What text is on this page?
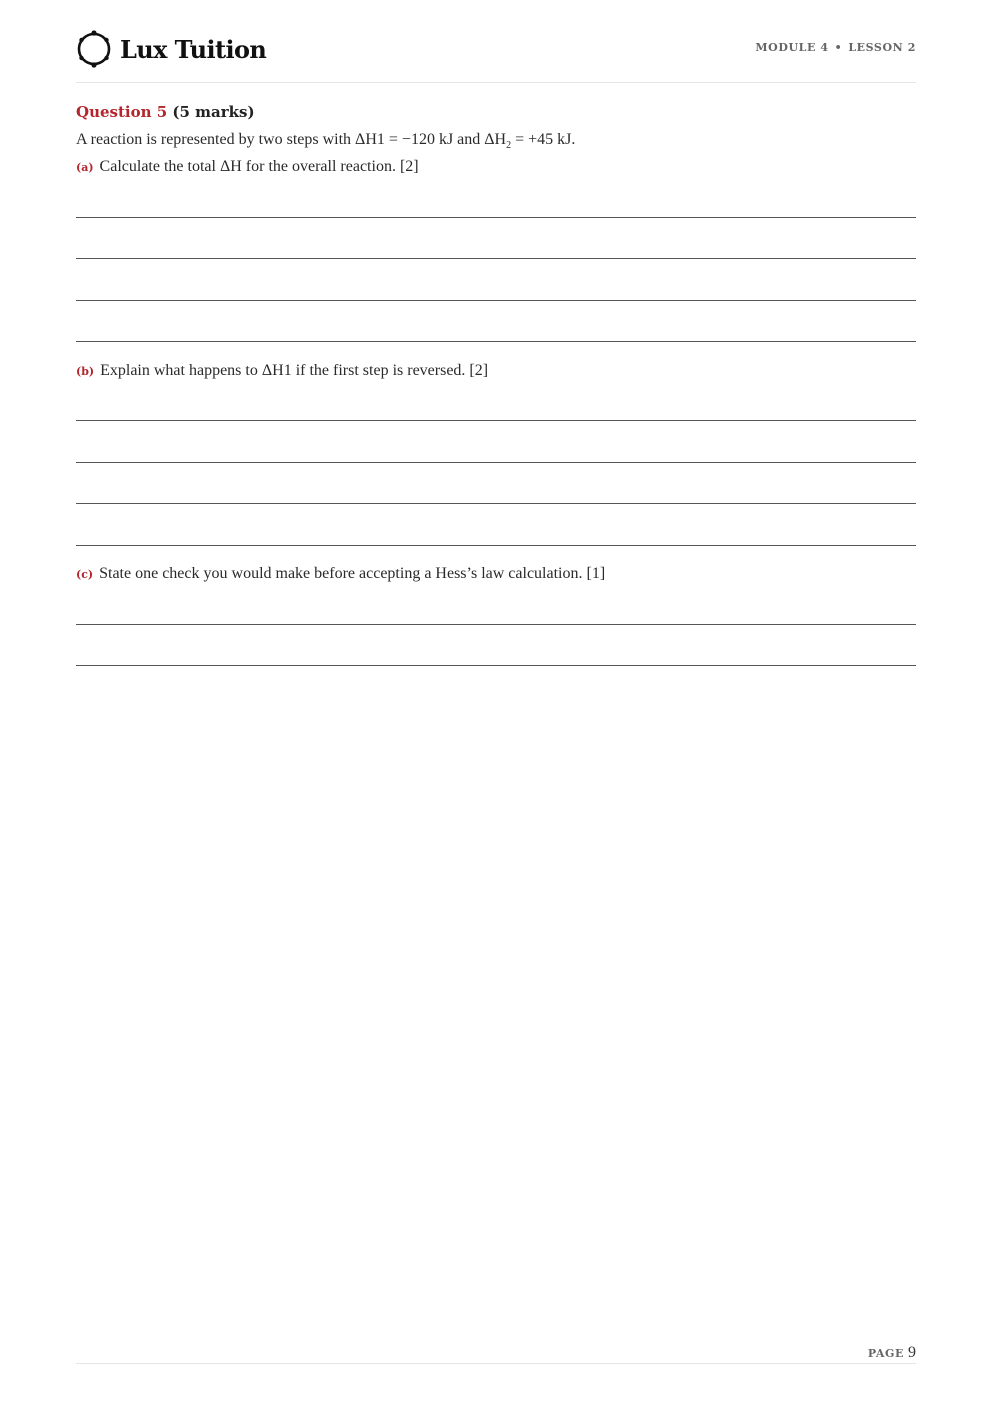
Lux Tuition	MODULE 4 • LESSON 2
Question 5 (5 marks)
A reaction is represented by two steps with ΔH1 = −120 kJ and $\Delta H_2 = +45$ kJ.
(a) Calculate the total ΔH for the overall reaction. [2]
(b) Explain what happens to ΔH1 if the first step is reversed. [2]
(c) State one check you would make before accepting a Hess’s law calculation. [1]
PAGE 9
